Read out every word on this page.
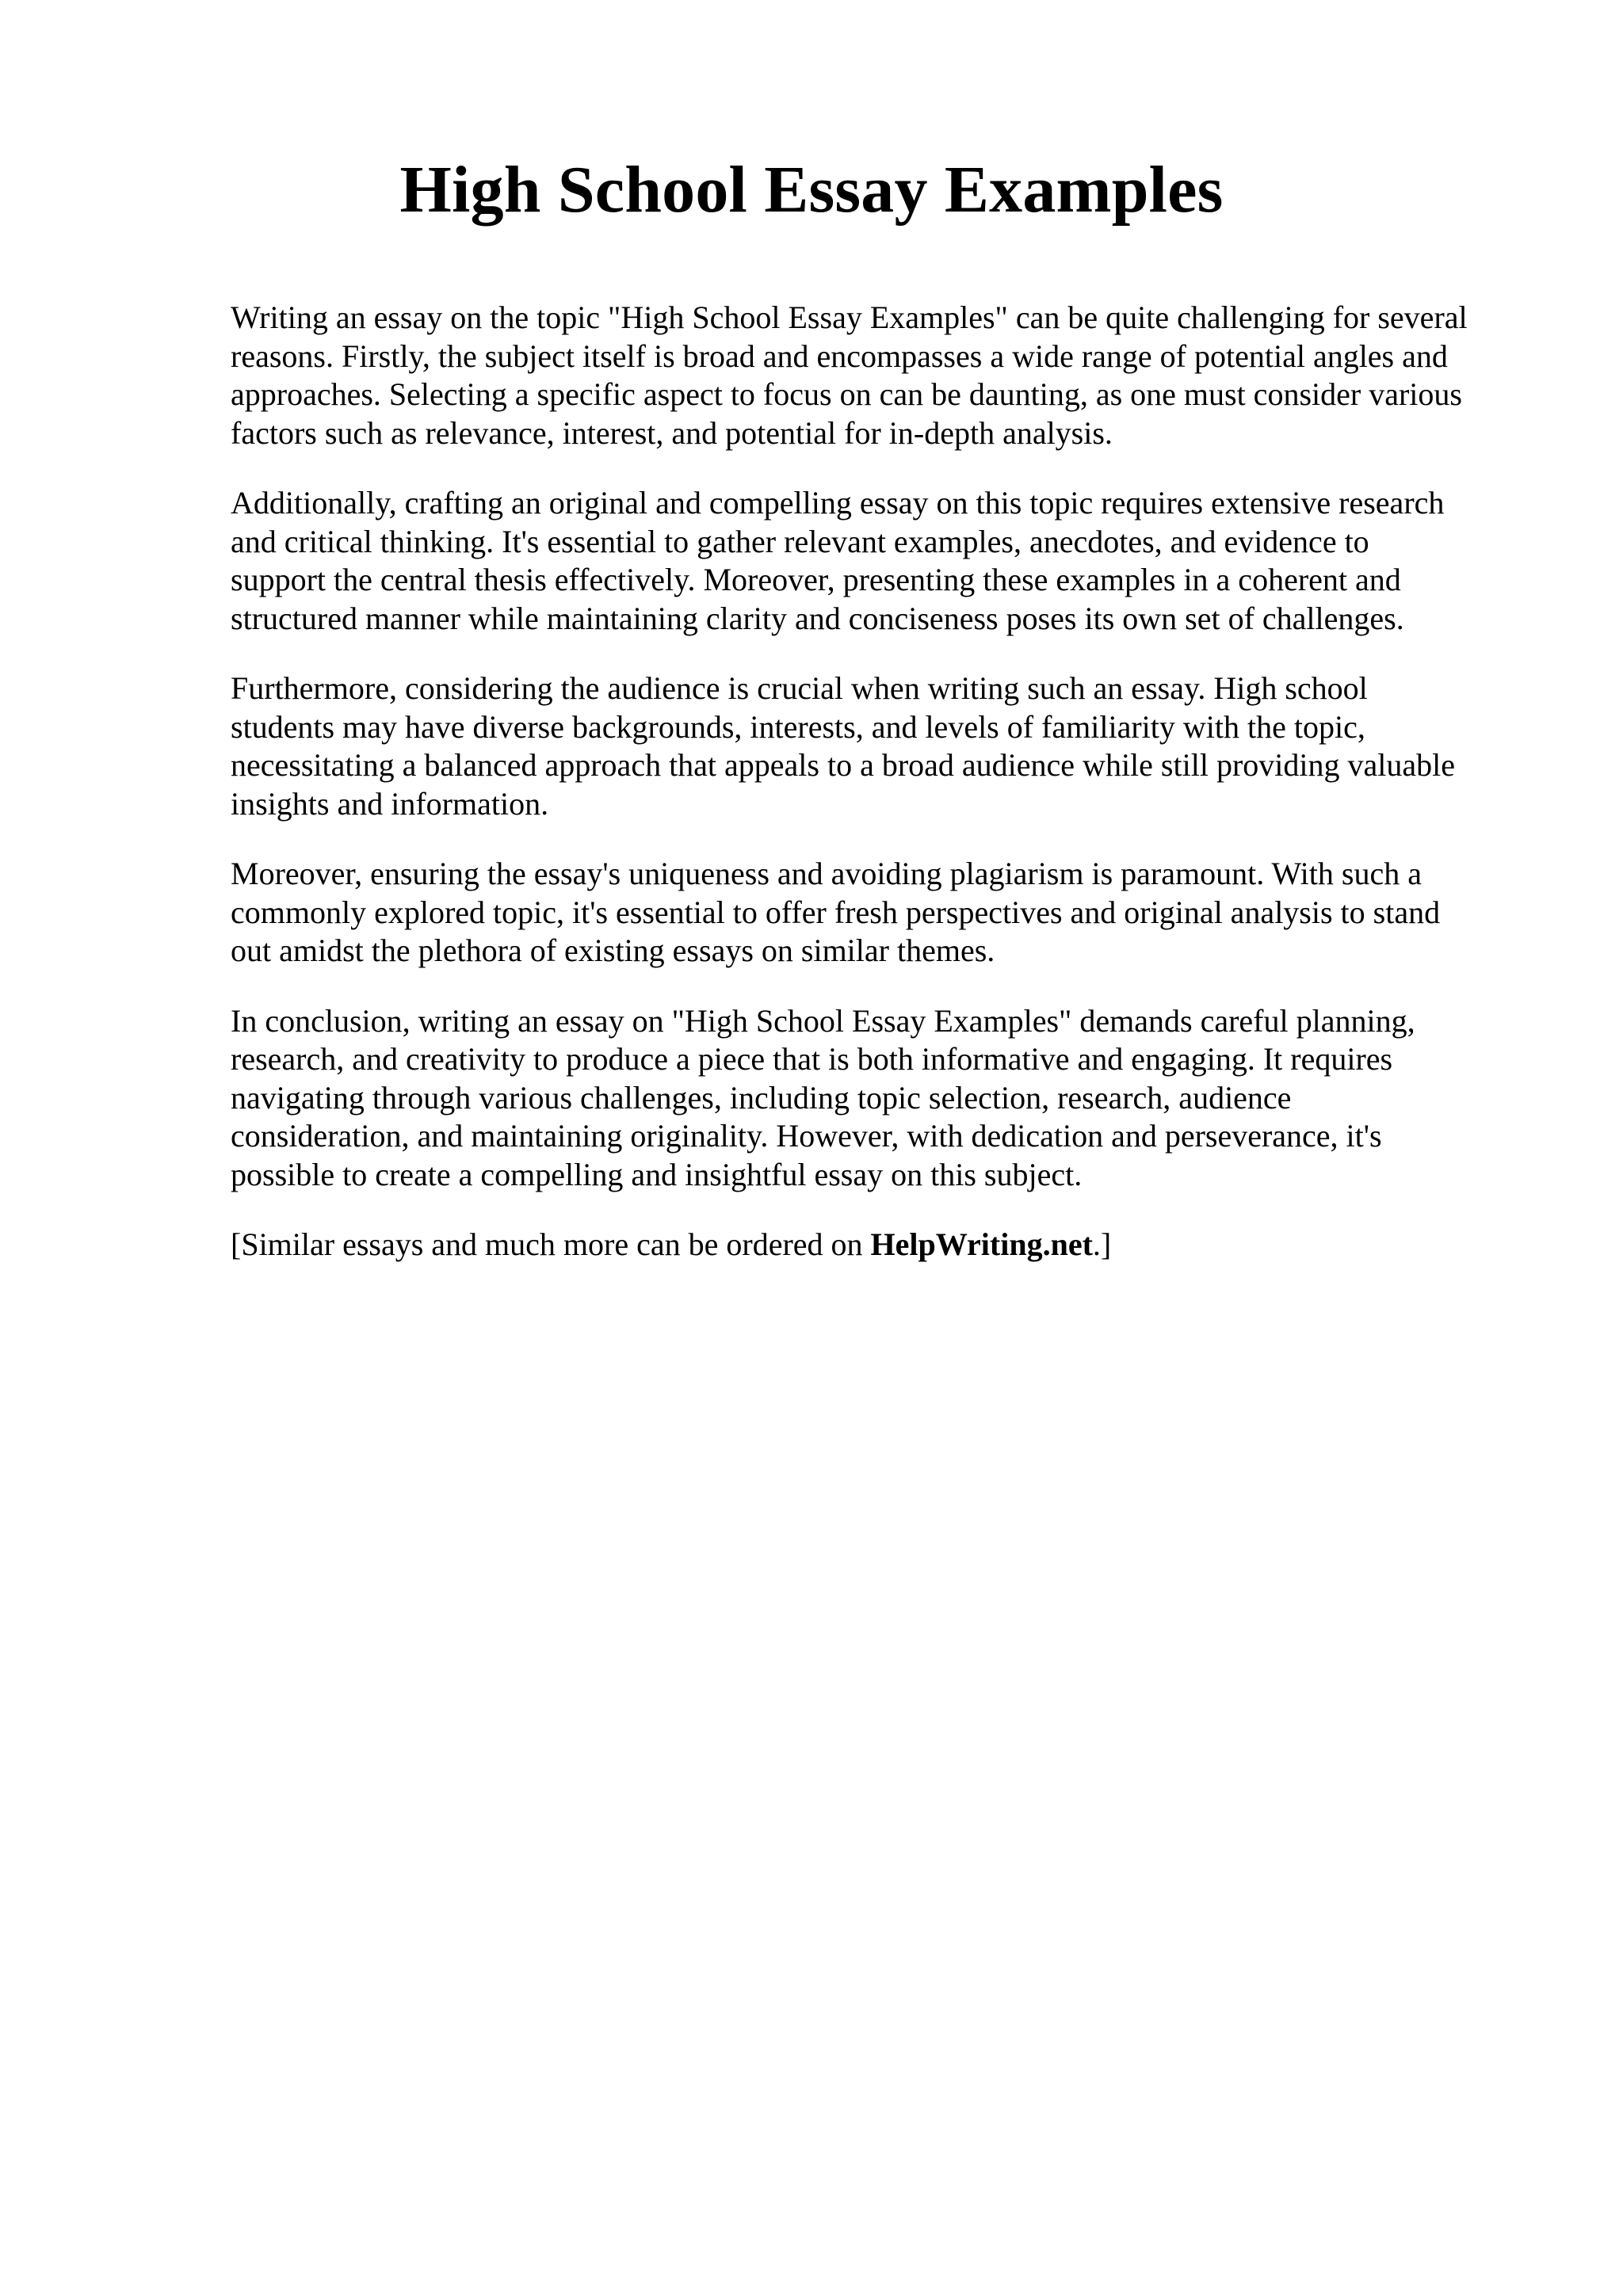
High School Essay Examples

Writing an essay on the topic "High School Essay Examples" can be quite challenging for several
reasons. Firstly, the subject itself is broad and encompasses a wide range of potential angles and
approaches. Selecting a specific aspect to focus on can be daunting, as one must consider various
factors such as relevance, interest, and potential for in-depth analysis.

Additionally, crafting an original and compelling essay on this topic requires extensive research
and critical thinking. It's essential to gather relevant examples, anecdotes, and evidence to
support the central thesis effectively. Moreover, presenting these examples in a coherent and
structured manner while maintaining clarity and conciseness poses its own set of challenges.

Furthermore, considering the audience is crucial when writing such an essay. High school
students may have diverse backgrounds, interests, and levels of familiarity with the topic,
necessitating a balanced approach that appeals to a broad audience while still providing valuable
insights and information.

Moreover, ensuring the essay's uniqueness and avoiding plagiarism is paramount. With such a
commonly explored topic, it's essential to offer fresh perspectives and original analysis to stand
out amidst the plethora of existing essays on similar themes.

In conclusion, writing an essay on "High School Essay Examples" demands careful planning,
research, and creativity to produce a piece that is both informative and engaging. It requires
navigating through various challenges, including topic selection, research, audience
consideration, and maintaining originality. However, with dedication and perseverance, it's
possible to create a compelling and insightful essay on this subject.

[Similar essays and much more can be ordered on HelpWriting.net.]
